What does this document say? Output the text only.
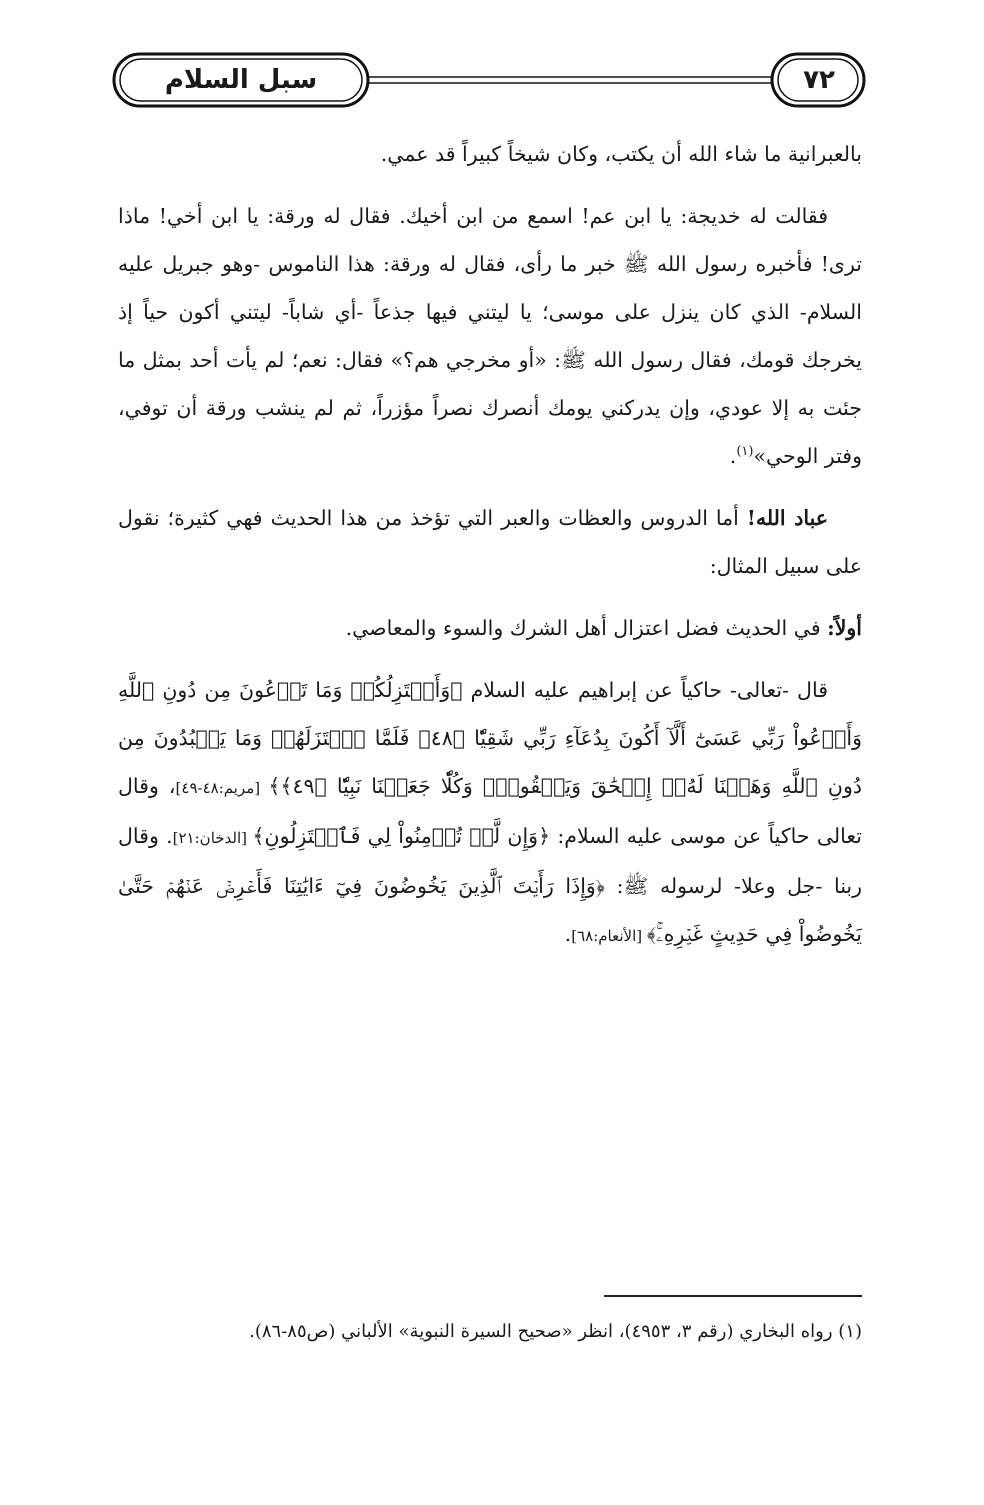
سبل السلام	٧٢

بالعبرانية ما شاء الله أن يكتب، وكان شيخاً كبيراً قد عمي.

فقالت له خديجة: يا ابن عم! اسمع من ابن أخيك. فقال له ورقة: يا ابن أخي! ماذا ترى! فأخبره رسول الله ﷺ خبر ما رأى، فقال له ورقة: هذا الناموس -وهو جبريل عليه السلام- الذي كان ينزل على موسى؛ يا ليتني فيها جذعاً -أي شاباً- ليتني أكون حياً إذ يخرجك قومك، فقال رسول الله ﷺ: «أو مخرجي هم؟» فقال: نعم؛ لم يأت أحد بمثل ما جئت به إلا عودي، وإن يدركني يومك أنصرك نصراً مؤزراً، ثم لم ينشب ورقة أن توفي، وفتر الوحي»$^{(١)}$.

عباد الله! أما الدروس والعظات والعبر التي تؤخذ من هذا الحديث فهي كثيرة؛ نقول على سبيل المثال:

أولاً: في الحديث فضل اعتزال أهل الشرك والسوء والمعاصي.

قال -تعالى- حاكياً عن إبراهيم عليه السلام ﴿وَأَعۡتَزِلُكُمۡ وَمَا تَدۡعُونَ مِن دُونِ ٱللَّهِ وَأَدۡعُواْ رَبِّي عَسَىٰٓ أَلَّآ أَكُونَ بِدُعَآءِ رَبِّي شَقِيّٗا ﴿٤٨﴾ فَلَمَّا ٱعۡتَزَلَهُمۡ وَمَا يَعۡبُدُونَ مِن دُونِ ٱللَّهِ وَهَبۡنَا لَهُۥٓ إِسۡحَٰقَ وَيَعۡقُوبَۖ وَكُلّٗا جَعَلۡنَا نَبِيّٗا ﴿٤٩﴾﴾ [مريم:٤٨-٤٩]، وقال تعالى حاكياً عن موسى عليه السلام: ﴿وَإِن لَّمۡ تُؤۡمِنُواْ لِي فَٱعۡتَزِلُونِ﴾ [الدخان:٢١]. وقال ربنا -جل وعلا- لرسوله ﷺ: ﴿وَإِذَا رَأَيۡتَ ٱلَّذِينَ يَخُوضُونَ فِيٓ ءَايَٰتِنَا فَأَعۡرِضۡ عَنۡهُمۡ حَتَّىٰ يَخُوضُواْ فِي حَدِيثٍ غَيۡرِهِۦۚ﴾ [الأنعام:٦٨].

(١) رواه البخاري (رقم ٣، ٤٩٥٣)، انظر «صحيح السيرة النبوية» الألباني (ص٨٥-٨٦).
